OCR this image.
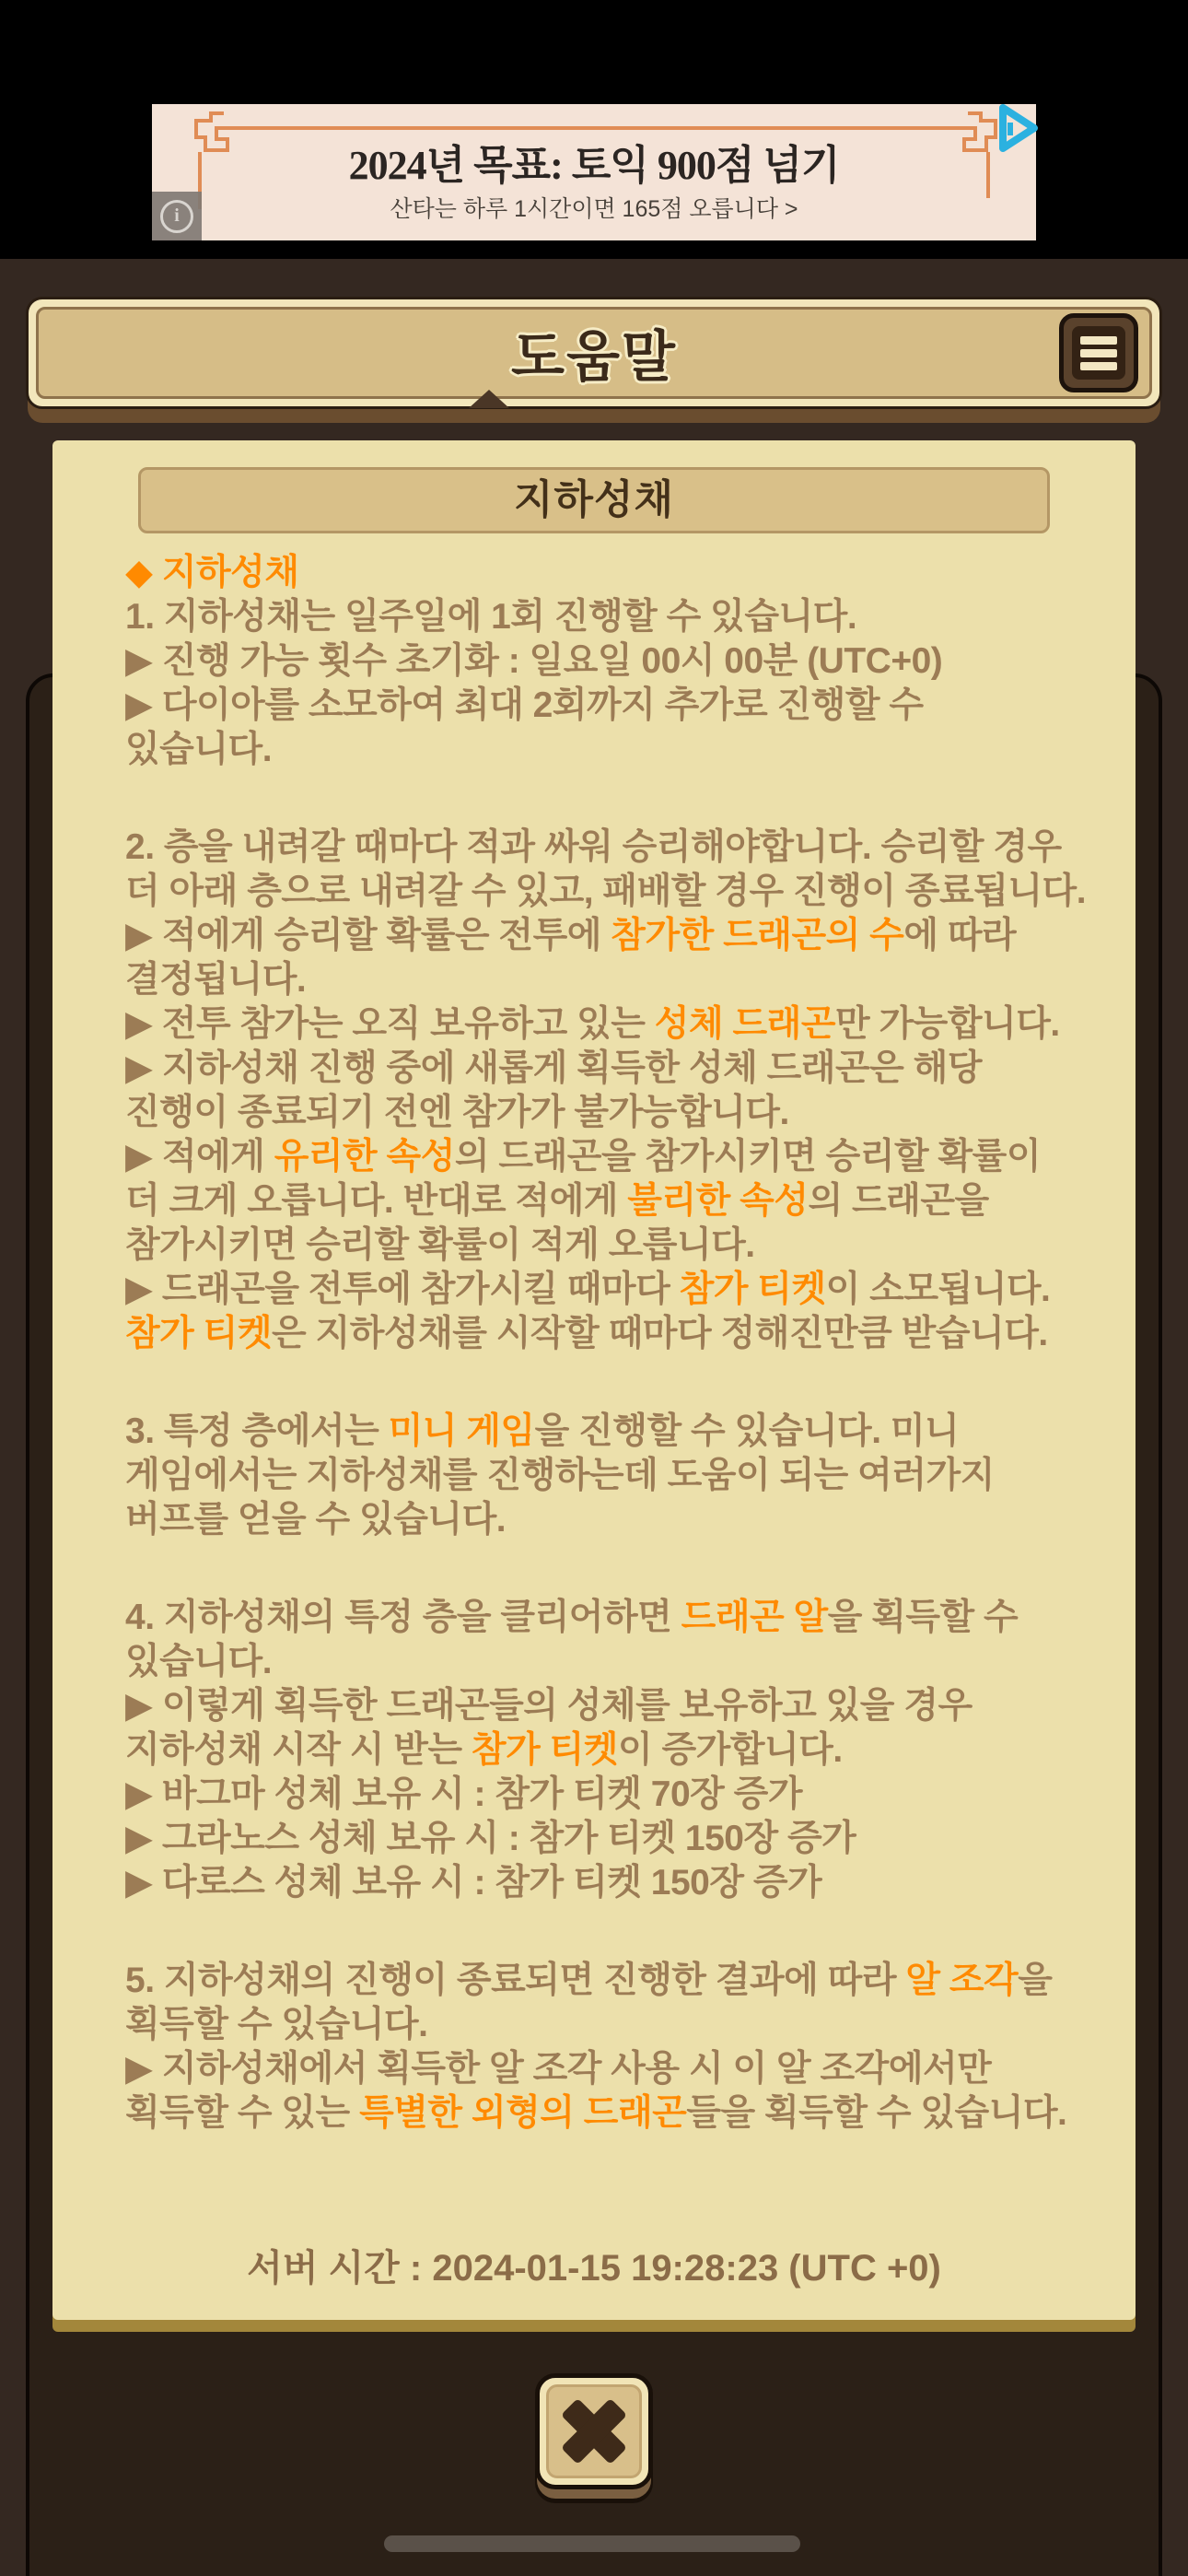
2024년 목표: 토익 900점 넘기
산타는 하루 1시간이면 165점 오릅니다 >
i
지하성채
◆ 지하성채
1. 지하성채는 일주일에 1회 진행할 수 있습니다.
▶ 진행 가능 횟수 초기화 : 일요일 00시 00분 (UTC+0)
▶ 다이아를 소모하여 최대 2회까지 추가로 진행할 수
있습니다.
2. 층을 내려갈 때마다 적과 싸워 승리해야합니다. 승리할 경우
더 아래 층으로 내려갈 수 있고, 패배할 경우 진행이 종료됩니다.
▶ 적에게 승리할 확률은 전투에 참가한 드래곤의 수에 따라
결정됩니다.
▶ 전투 참가는 오직 보유하고 있는 성체 드래곤만 가능합니다.
▶ 지하성채 진행 중에 새롭게 획득한 성체 드래곤은 해당
진행이 종료되기 전엔 참가가 불가능합니다.
▶ 적에게 유리한 속성의 드래곤을 참가시키면 승리할 확률이
더 크게 오릅니다. 반대로 적에게 불리한 속성의 드래곤을
참가시키면 승리할 확률이 적게 오릅니다.
▶ 드래곤을 전투에 참가시킬 때마다 참가 티켓이 소모됩니다.
참가 티켓은 지하성채를 시작할 때마다 정해진만큼 받습니다.
3. 특정 층에서는 미니 게임을 진행할 수 있습니다. 미니
게임에서는 지하성채를 진행하는데 도움이 되는 여러가지
버프를 얻을 수 있습니다.
4. 지하성채의 특정 층을 클리어하면 드래곤 알을 획득할 수
있습니다.
▶ 이렇게 획득한 드래곤들의 성체를 보유하고 있을 경우
지하성채 시작 시 받는 참가 티켓이 증가합니다.
▶ 바그마 성체 보유 시 : 참가 티켓 70장 증가
▶ 그라노스 성체 보유 시 : 참가 티켓 150장 증가
▶ 다로스 성체 보유 시 : 참가 티켓 150장 증가
5. 지하성채의 진행이 종료되면 진행한 결과에 따라 알 조각을
획득할 수 있습니다.
▶ 지하성채에서 획득한 알 조각 사용 시 이 알 조각에서만
획득할 수 있는 특별한 외형의 드래곤들을 획득할 수 있습니다.
서버 시간 : 2024-01-15 19:28:23 (UTC +0)
도움말
